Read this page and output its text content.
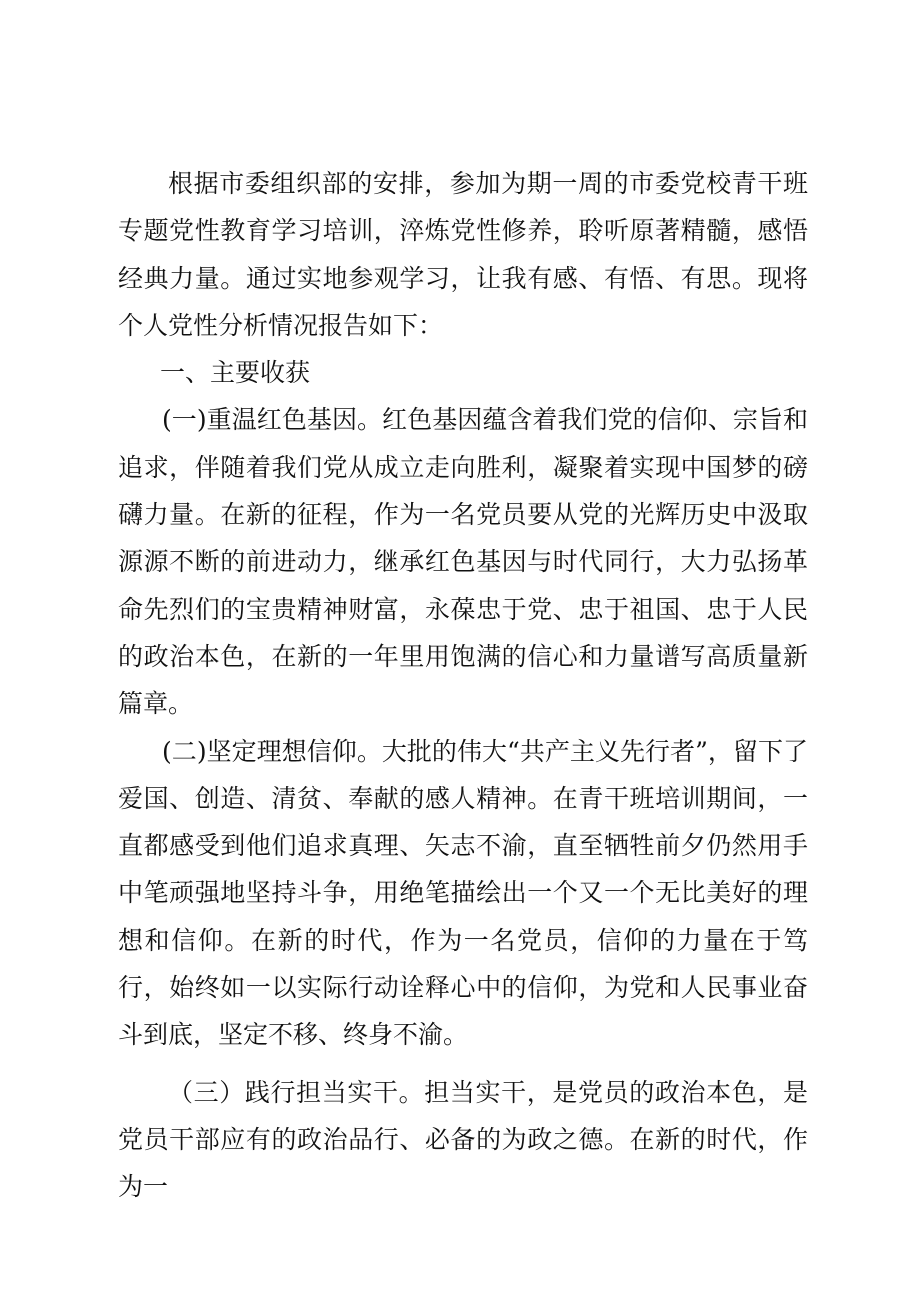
根据市委组织部的安排，参加为期一周的市委党校青干班专题党性教育学习培训，淬炼党性修养，聆听原著精髓，感悟经典力量。通过实地参观学习，让我有感、有悟、有思。现将个人党性分析情况报告如下：

一、主要收获

(一)重温红色基因。红色基因蕴含着我们党的信仰、宗旨和追求，伴随着我们党从成立走向胜利，凝聚着实现中国梦的磅礴力量。在新的征程，作为一名党员要从党的光辉历史中汲取源源不断的前进动力，继承红色基因与时代同行，大力弘扬革命先烈们的宝贵精神财富，永葆忠于党、忠于祖国、忠于人民的政治本色，在新的一年里用饱满的信心和力量谱写高质量新篇章。

(二)坚定理想信仰。大批的伟大“共产主义先行者”，留下了爱国、创造、清贫、奉献的感人精神。在青干班培训期间，一直都感受到他们追求真理、矢志不渝，直至牺牲前夕仍然用手中笔顽强地坚持斗争，用绝笔描绘出一个又一个无比美好的理想和信仰。在新的时代，作为一名党员，信仰的力量在于笃行，始终如一以实际行动诠释心中的信仰，为党和人民事业奋斗到底，坚定不移、终身不渝。

（三）践行担当实干。担当实干，是党员的政治本色，是党员干部应有的政治品行、必备的为政之德。在新的时代，作为一
